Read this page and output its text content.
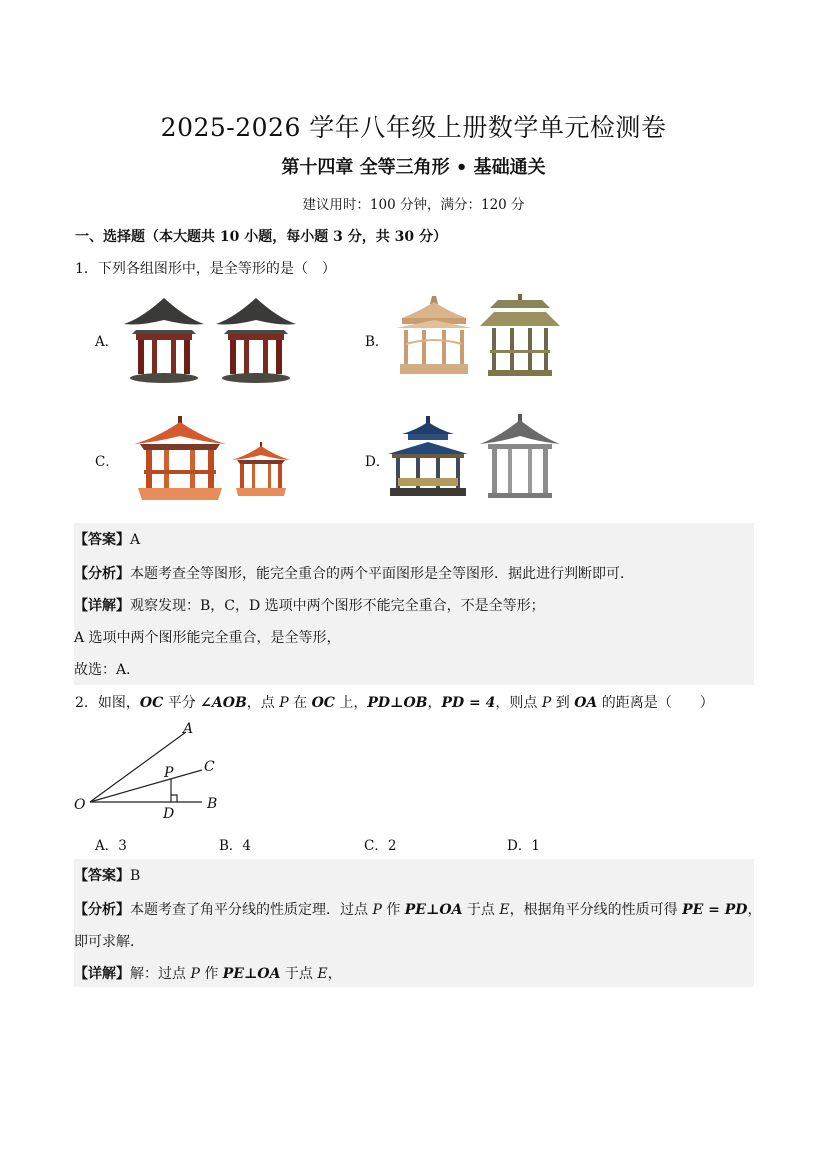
2025-2026 学年八年级上册数学单元检测卷
第十四章 全等三角形 • 基础通关
建议用时：100 分钟，满分：120 分
一、选择题（本大题共 10 小题，每小题 3 分，共 30 分）
1．下列各组图形中，是全等形的是（　）
A．	B．
C．	D．
【答案】A
【分析】本题考查全等图形，能完全重合的两个平面图形是全等图形．据此进行判断即可．
【详解】观察发现：B，C，D 选项中两个图形不能完全重合，不是全等形；
A 选项中两个图形能完全重合，是全等形，
故选：A．
2．如图，OC 平分 ∠AOB，点 P 在 OC 上，PD⊥OB，PD = 4，则点 P 到 OA 的距离是（　　）
A
C
P
O
D
B
A．3	B．4	C．2	D．1
【答案】B
【分析】本题考查了角平分线的性质定理．过点 P 作 PE⊥OA 于点 E，根据角平分线的性质可得 PE = PD，
即可求解．
【详解】解：过点 P 作 PE⊥OA 于点 E，
